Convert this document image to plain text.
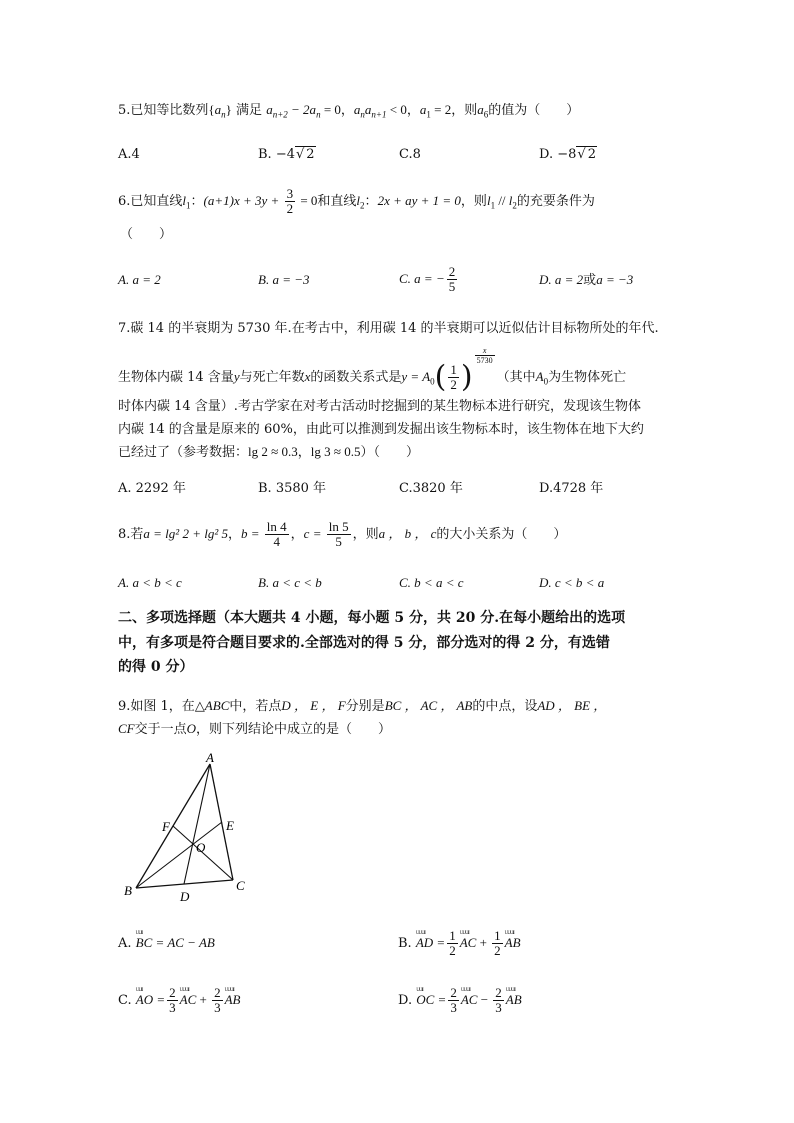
5.已知等比数列$\{a_n\}$ 满足 $a_{n+2} - 2a_n = 0$，$a_na_{n+1} < 0$，$a_1 = 2$，则$a_6$的值为（　　）
A.4	B. −4√ 2	C.8	D. −8√ 2
6.已知直线$l_1$：$(a+1)x + 3y + \frac{3}{2} = 0$和直线$l_2$：2x + ay + 1 = 0，则$l_1 // l_2$的充要条件为
（　　）
A. a = 2	B. a = −3	C. a = − $\frac{2}{5}$	D. a = 2或a = −3
7.碳 14 的半衰期为 5730 年.在考古中，利用碳 14 的半衰期可以近似估计目标物所处的年代.
生物体内碳 14 含量y与死亡年数x的函数关系式是$y = A_0( \frac{1}{2}$ )
$\frac{x}{5730}$
（其中$A_0$为生物体死亡
时体内碳 14 含量）.考古学家在对考古活动时挖掘到的某生物标本进行研究，发现该生物体
内碳 14 的含量是原来的 60%，由此可以推测到发掘出该生物标本时，该生物体在地下大约
已经过了（参考数据：lg 2 ≈ 0.3，lg 3 ≈ 0.5）（　　）
A. 2292 年	B. 3580 年	C.3820 年	D.4728 年
8.若a = lg² 2 + lg² 5，$b = \frac{\ln 4}{4}$ ，$c = \frac{\ln 5}{5}$ ，则a ， b ， c的大小关系为（　　）
A. a < b < c	B. a < c < b	C. b < a < c	D. c < b < a
二、多项选择题（本大题共 4 小题，每小题 5 分，共 20 分.在每小题给出的选项
中，有多项是符合题目要求的.全部选对的得 5 分，部分选对的得 2 分，有选错
的得 0 分）
9.如图 1，在△ABC中，若点D ， E ， F分别是BC ， AC ， AB的中点，设AD ， BE ，
CF交于一点O，则下列结论中成立的是（　　）
A
B	C
D
E
F
O
A. ᵁᵁᴵᴵ BC = AC − AB	B. ᵁᵁᵁᴵᴵ AD = $\frac{1}{2}$ ᵁᵁᵁᴵᴵ AC + $\frac{1}{2}$ ᵁᵁᵁᴵᴵ AB
C. ᵁᵁᴵᴵ AO = $\frac{2}{3}$ ᵁᵁᵁᴵᴵ AC + $\frac{2}{3}$ ᵁᵁᵁᴵᴵ AB	D. ᵁᵁᴵᴵ OC = $\frac{2}{3}$ ᵁᵁᵁᴵᴵ AC − $\frac{2}{3}$ ᵁᵁᵁᴵᴵ AB
